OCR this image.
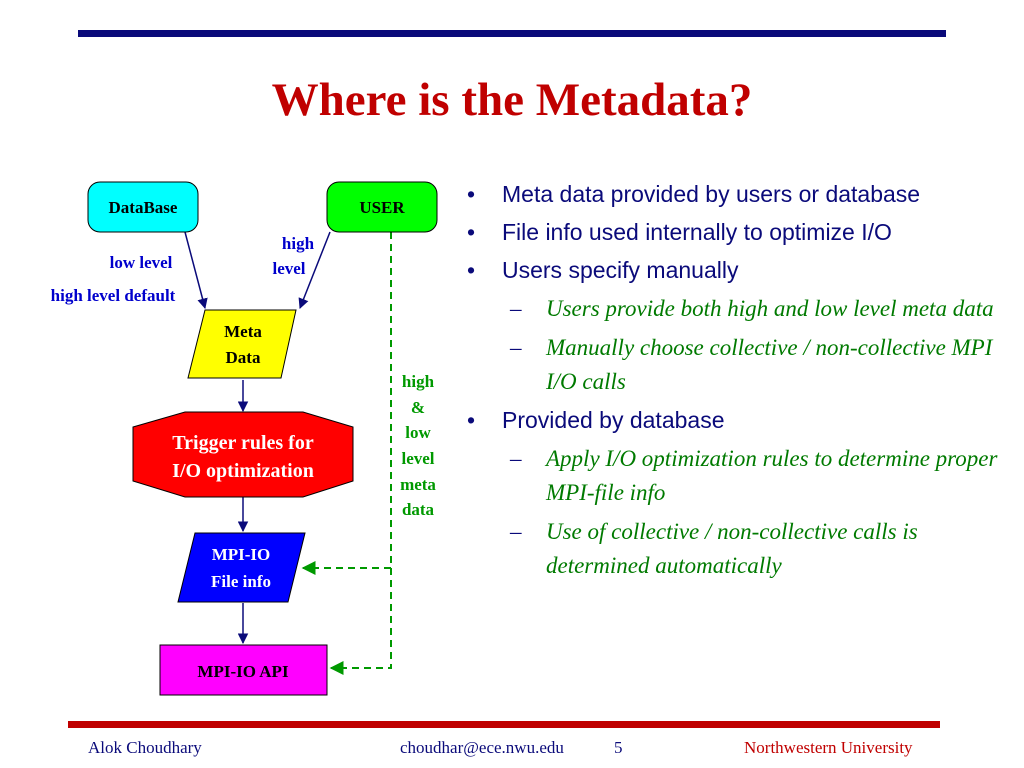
Where is the Metadata?
DataBase	USER
low level
high level default
high
level
high
&
low
level
meta
data
Meta
Data
Trigger rules for
I/O optimization
MPI-IO
File info
MPI-IO API
• Meta data provided by users or database
• File info used internally to optimize I/O
• Users specify manually
– Users provide both high and low level meta data
– Manually choose collective / non-collective MPI I/O calls
• Provided by database
– Apply I/O optimization rules to determine proper MPI-file info
– Use of collective / non-collective calls is determined automatically
Alok Choudhary	choudhar@ece.nwu.edu	5	Northwestern University
